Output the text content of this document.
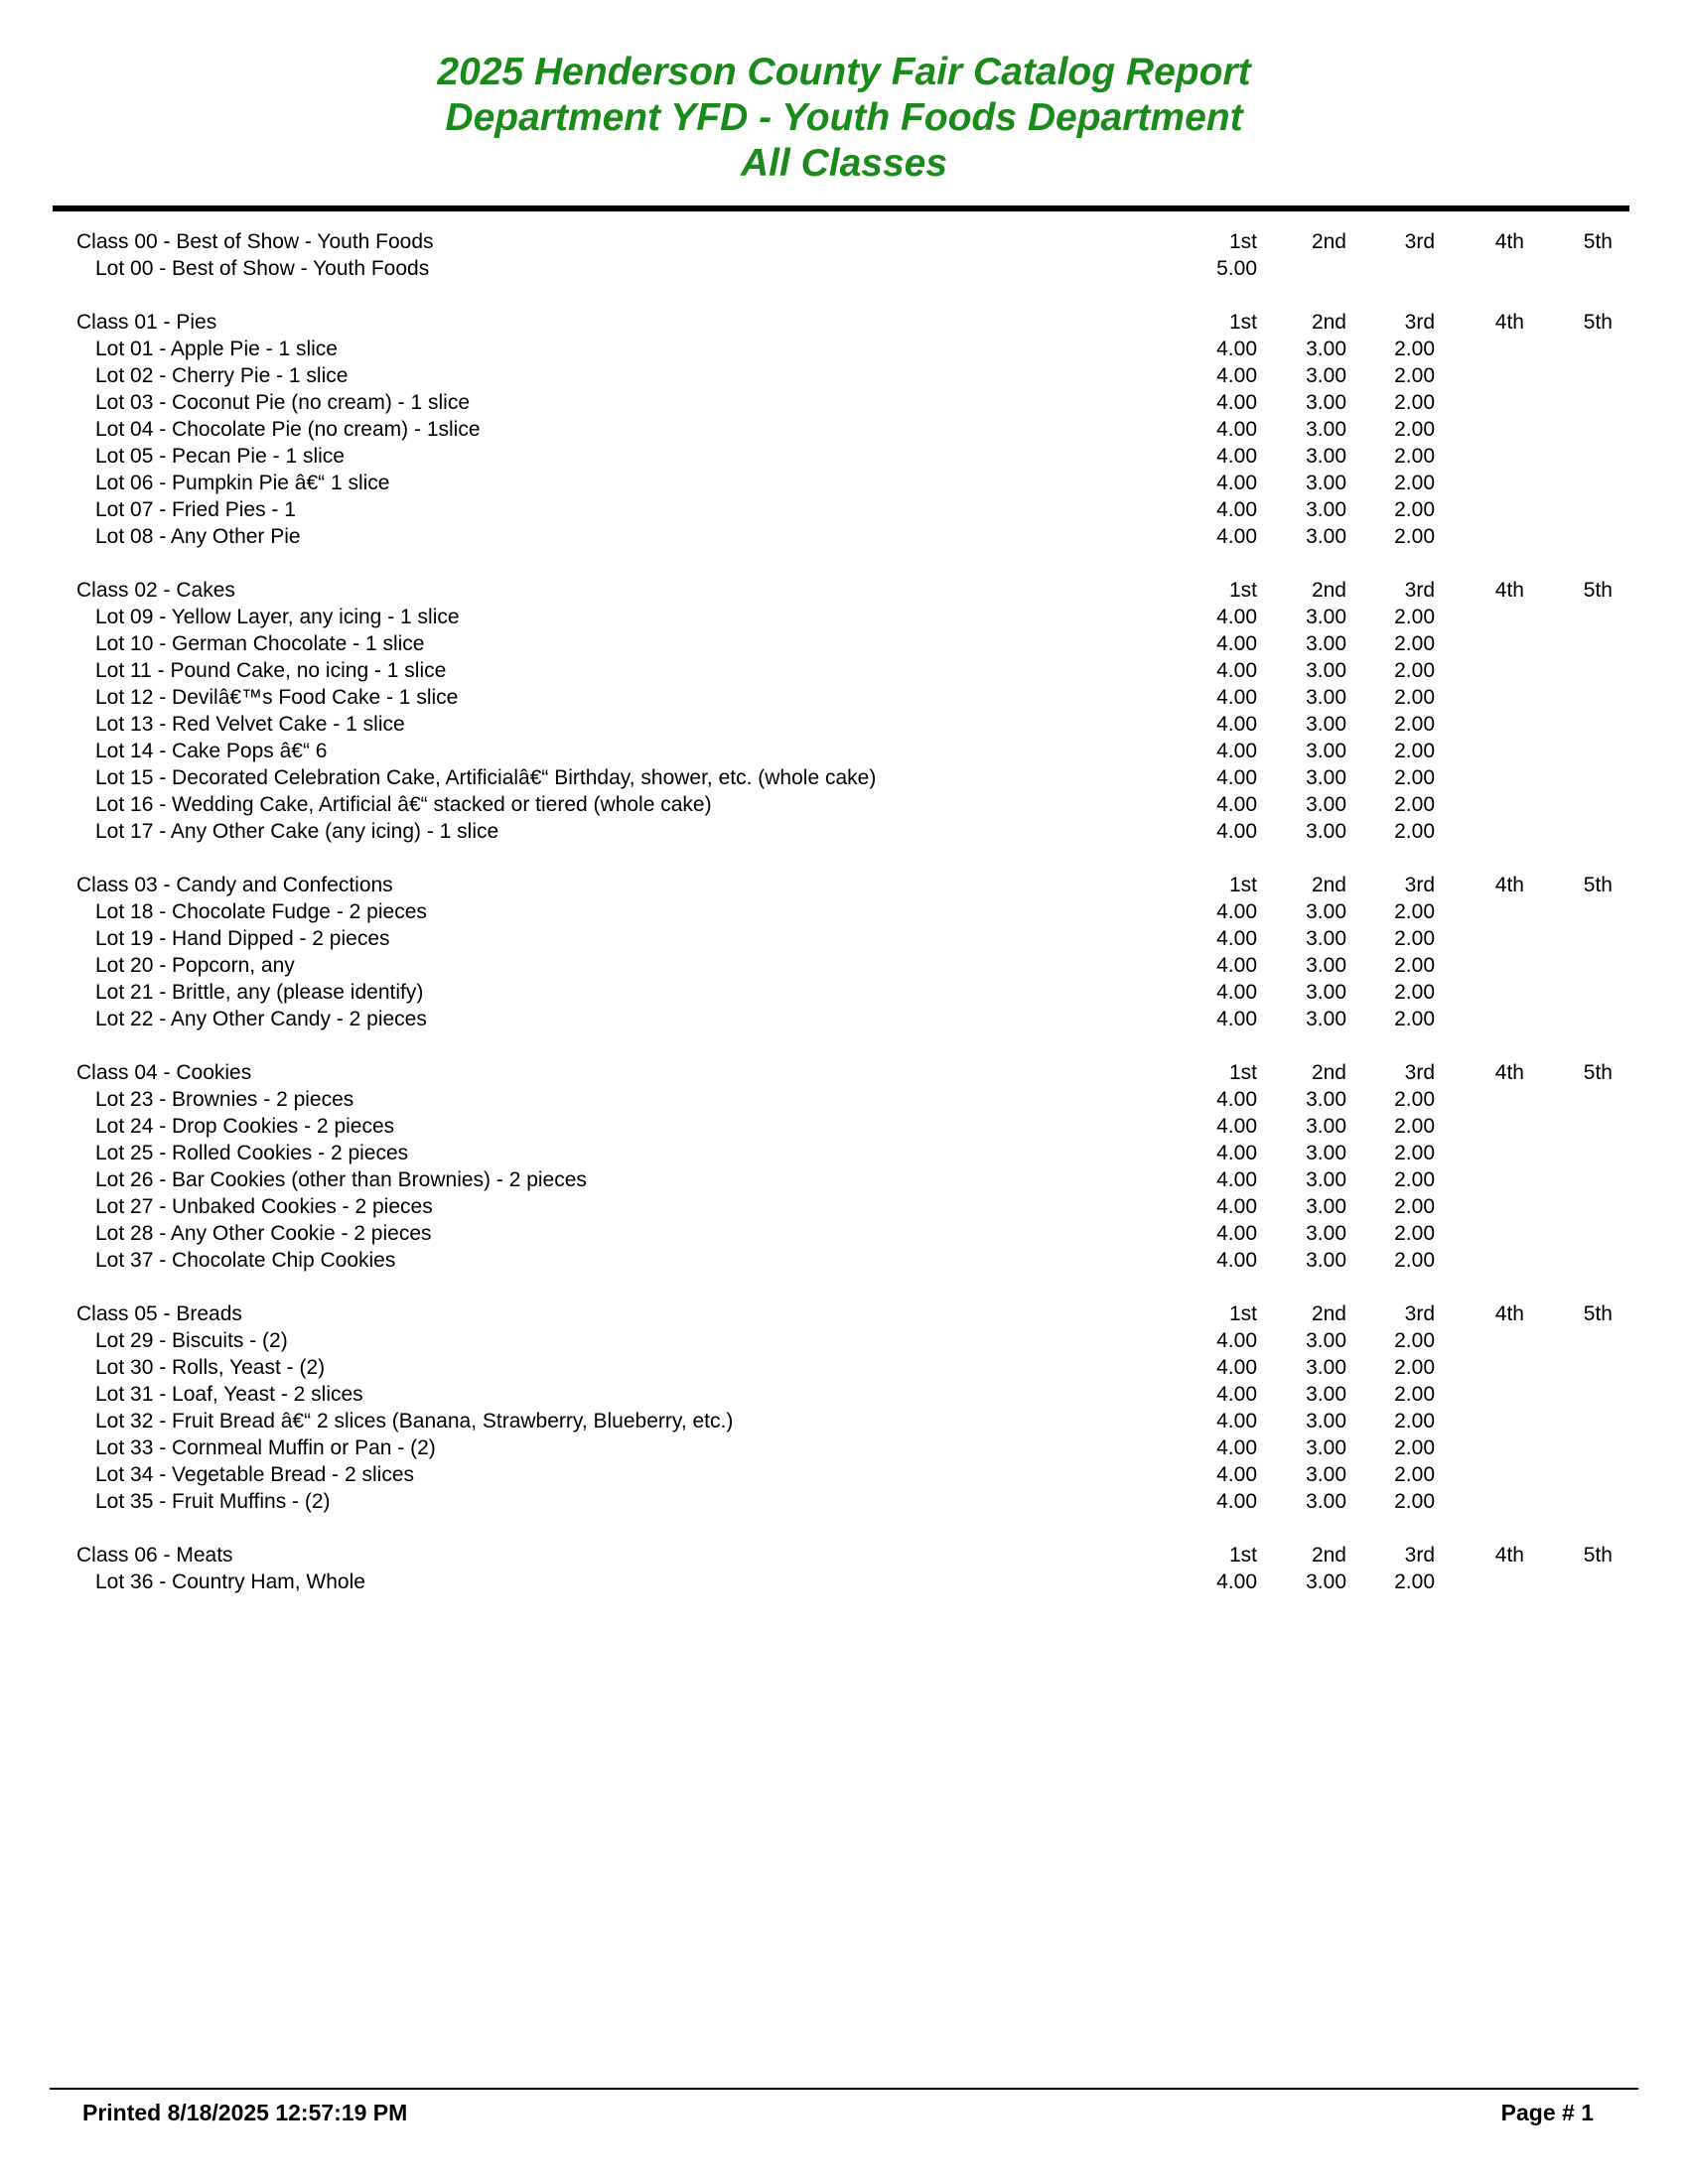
2025 Henderson County Fair Catalog Report
Department YFD - Youth Foods Department
All Classes
Class 00 - Best of Show - Youth Foods	1st	2nd	3rd	4th	5th
Lot 00 - Best of Show - Youth Foods	5.00
Class 01 - Pies	1st	2nd	3rd	4th	5th
Lot 01 - Apple Pie - 1 slice	4.00	3.00	2.00
Lot 02 - Cherry Pie - 1 slice	4.00	3.00	2.00
Lot 03 - Coconut Pie (no cream) - 1 slice	4.00	3.00	2.00
Lot 04 - Chocolate Pie (no cream) - 1slice	4.00	3.00	2.00
Lot 05 - Pecan Pie - 1 slice	4.00	3.00	2.00
Lot 06 - Pumpkin Pie â€“ 1 slice	4.00	3.00	2.00
Lot 07 - Fried Pies - 1	4.00	3.00	2.00
Lot 08 - Any Other Pie	4.00	3.00	2.00
Class 02 - Cakes	1st	2nd	3rd	4th	5th
Lot 09 - Yellow Layer, any icing - 1 slice	4.00	3.00	2.00
Lot 10 - German Chocolate - 1 slice	4.00	3.00	2.00
Lot 11 - Pound Cake, no icing - 1 slice	4.00	3.00	2.00
Lot 12 - Devilâ€™s Food Cake - 1 slice	4.00	3.00	2.00
Lot 13 - Red Velvet Cake - 1 slice	4.00	3.00	2.00
Lot 14 - Cake Pops â€“ 6	4.00	3.00	2.00
Lot 15 - Decorated Celebration Cake, Artificialâ€“ Birthday, shower, etc. (whole cake)	4.00	3.00	2.00
Lot 16 - Wedding Cake, Artificial â€“ stacked or tiered (whole cake)	4.00	3.00	2.00
Lot 17 - Any Other Cake (any icing) - 1 slice	4.00	3.00	2.00
Class 03 - Candy and Confections	1st	2nd	3rd	4th	5th
Lot 18 - Chocolate Fudge - 2 pieces	4.00	3.00	2.00
Lot 19 - Hand Dipped - 2 pieces	4.00	3.00	2.00
Lot 20 - Popcorn, any	4.00	3.00	2.00
Lot 21 - Brittle, any (please identify)	4.00	3.00	2.00
Lot 22 - Any Other Candy - 2 pieces	4.00	3.00	2.00
Class 04 - Cookies	1st	2nd	3rd	4th	5th
Lot 23 - Brownies - 2 pieces	4.00	3.00	2.00
Lot 24 - Drop Cookies - 2 pieces	4.00	3.00	2.00
Lot 25 - Rolled Cookies - 2 pieces	4.00	3.00	2.00
Lot 26 - Bar Cookies (other than Brownies) - 2 pieces	4.00	3.00	2.00
Lot 27 - Unbaked Cookies - 2 pieces	4.00	3.00	2.00
Lot 28 - Any Other Cookie - 2 pieces	4.00	3.00	2.00
Lot 37 - Chocolate Chip Cookies	4.00	3.00	2.00
Class 05 - Breads	1st	2nd	3rd	4th	5th
Lot 29 - Biscuits - (2)	4.00	3.00	2.00
Lot 30 - Rolls, Yeast - (2)	4.00	3.00	2.00
Lot 31 - Loaf, Yeast - 2 slices	4.00	3.00	2.00
Lot 32 - Fruit Bread â€“ 2 slices (Banana, Strawberry, Blueberry, etc.)	4.00	3.00	2.00
Lot 33 - Cornmeal Muffin or Pan - (2)	4.00	3.00	2.00
Lot 34 - Vegetable Bread - 2 slices	4.00	3.00	2.00
Lot 35 - Fruit Muffins - (2)	4.00	3.00	2.00
Class 06 - Meats	1st	2nd	3rd	4th	5th
Lot 36 - Country Ham, Whole	4.00	3.00	2.00
Printed 8/18/2025 12:57:19 PM	Page # 1
